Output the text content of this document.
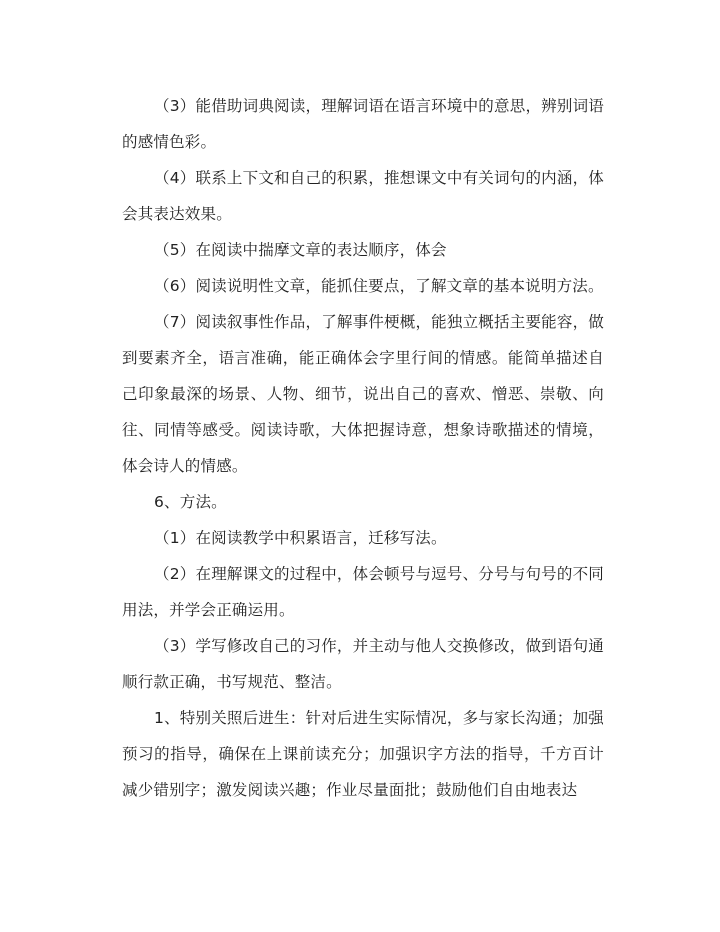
（3）能借助词典阅读，理解词语在语言环境中的意思，辨别词语的感情色彩。

（4）联系上下文和自己的积累，推想课文中有关词句的内涵，体会其表达效果。

（5）在阅读中揣摩文章的表达顺序，体会

（6）阅读说明性文章，能抓住要点，了解文章的基本说明方法。

（7）阅读叙事性作品，了解事件梗概，能独立概括主要能容，做到要素齐全，语言准确，能正确体会字里行间的情感。能简单描述自己印象最深的场景、人物、细节，说出自己的喜欢、憎恶、崇敬、向往、同情等感受。阅读诗歌，大体把握诗意，想象诗歌描述的情境，体会诗人的情感。

6、方法。

（1）在阅读教学中积累语言，迁移写法。

（2）在理解课文的过程中，体会顿号与逗号、分号与句号的不同用法，并学会正确运用。

（3）学写修改自己的习作，并主动与他人交换修改，做到语句通顺行款正确，书写规范、整洁。

1、特别关照后进生：针对后进生实际情况，多与家长沟通；加强预习的指导，确保在上课前读充分；加强识字方法的指导，千方百计减少错别字；激发阅读兴趣；作业尽量面批；鼓励他们自由地表达
